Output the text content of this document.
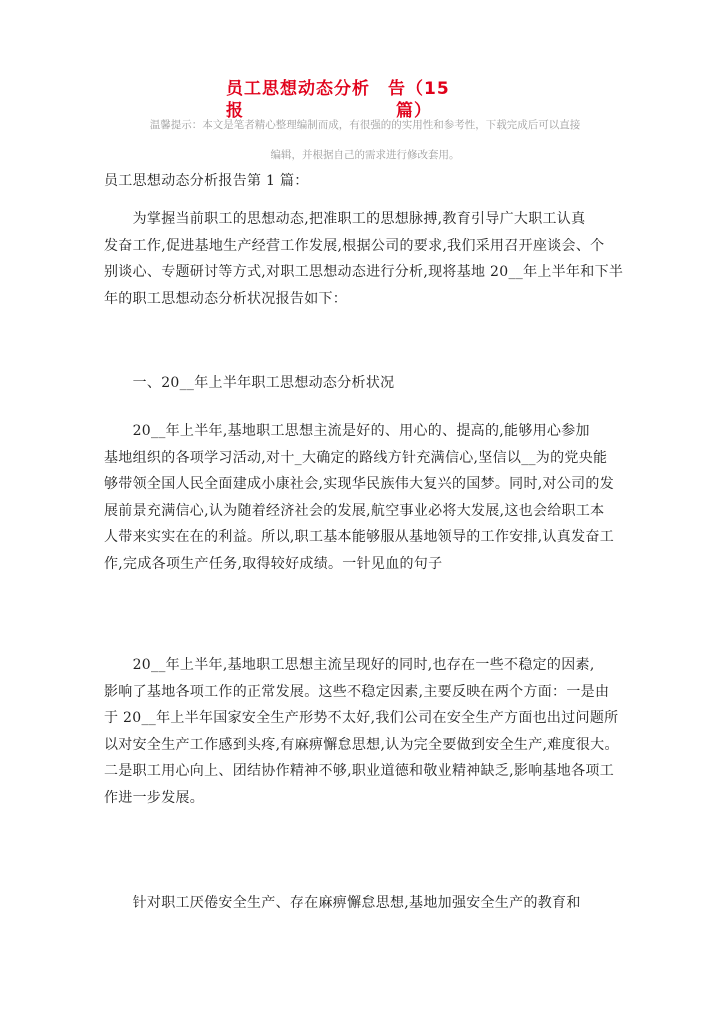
员工思想动态分析 告（15
报	篇）
温馨提示：本文是笔者精心整理编制而成，有很强的的实用性和参考性，下载完成后可以直接
编辑，并根据自己的需求进行修改套用。
员工思想动态分析报告第 1 篇：
　　为掌握当前职工的思想动态,把准职工的思想脉搏,教育引导广大职工认真
发奋工作,促进基地生产经营工作发展,根据公司的要求,我们采用召开座谈会、个
别谈心、专题研讨等方式,对职工思想动态进行分析,现将基地 20__年上半年和下半
年的职工思想动态分析状况报告如下：
　　一、20__年上半年职工思想动态分析状况
　　20__年上半年,基地职工思想主流是好的、用心的、提高的,能够用心参加
基地组织的各项学习活动,对十_大确定的路线方针充满信心,坚信以__为的党央能
够带领全国人民全面建成小康社会,实现华民族伟大复兴的国梦。同时,对公司的发
展前景充满信心,认为随着经济社会的发展,航空事业必将大发展,这也会给职工本
人带来实实在在的利益。所以,职工基本能够服从基地领导的工作安排,认真发奋工
作,完成各项生产任务,取得较好成绩。一针见血的句子
　　20__年上半年,基地职工思想主流呈现好的同时,也存在一些不稳定的因素,
影响了基地各项工作的正常发展。这些不稳定因素,主要反映在两个方面：一是由
于 20__年上半年国家安全生产形势不太好,我们公司在安全生产方面也出过问题所
以对安全生产工作感到头疼,有麻痹懈怠思想,认为完全要做到安全生产,难度很大。
二是职工用心向上、团结协作精神不够,职业道德和敬业精神缺乏,影响基地各项工
作进一步发展。
　　针对职工厌倦安全生产、存在麻痹懈怠思想,基地加强安全生产的教育和
